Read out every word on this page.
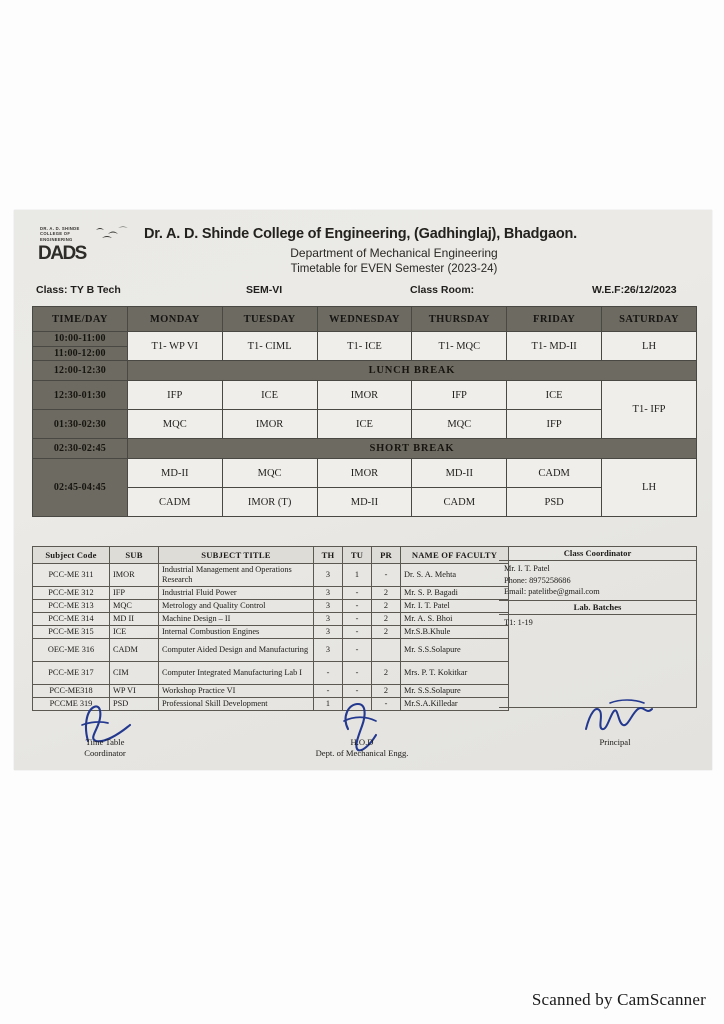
DR. A. D. SHINDE
COLLEGE OF
ENGINEERING
DADS
Dr. A. D. Shinde College of Engineering, (Gadhinglaj), Bhadgaon.
Department of Mechanical Engineering
Timetable for EVEN Semester (2023-24)
Class: TY B Tech	SEM-VI	Class Room:	W.E.F:26/12/2023
TIME/DAY	MONDAY	TUESDAY	WEDNESDAY	THURSDAY	FRIDAY	SATURDAY
10:00-11:00	T1- WP VI	T1- CIML	T1- ICE	T1- MQC	T1- MD-II	LH
11:00-12:00						
12:00-12:30	LUNCH BREAK					
12:30-01:30	IFP	ICE	IMOR	IFP	ICE	T1- IFP
01:30-02:30	MQC	IMOR	ICE	MQC	IFP	
02:30-02:45	SHORT BREAK					
02:45-04:45	MD-II	MQC	IMOR	MD-II	CADM	LH
	CADM	IMOR (T)	MD-II	CADM	PSD	
Subject Code	SUB	SUBJECT TITLE	TH	TU	PR	NAME OF FACULTY
PCC-ME 311	IMOR	Industrial Management and Operations Research	3	1	-	Dr. S. A. Mehta
PCC-ME 312	IFP	Industrial Fluid Power	3	-	2	Mr. S. P. Bagadi
PCC-ME 313	MQC	Metrology and Quality Control	3	-	2	Mr. I. T. Patel
PCC-ME 314	MD II	Machine Design – II	3	-	2	Mr. A. S. Bhoi
PCC-ME 315	ICE	Internal Combustion Engines	3	-	2	Mr.S.B.Khule
OEC-ME 316	CADM	Computer Aided Design and Manufacturing	3	-		Mr. S.S.Solapure
PCC-ME 317	CIM	Computer Integrated Manufacturing Lab I	-	-	2	Mrs. P. T. Kokitkar
PCC-ME318	WP VI	Workshop Practice VI	-	-	2	Mr. S.S.Solapure
PCCME 319	PSD	Professional Skill Development	1	-	-	Mr.S.A.Killedar
Class Coordinator
Mr. I. T. Patel
Phone: 8975258686
Email: patelitbe@gmail.com
Lab. Batches
T1: 1-19
Time Table
Coordinator
H.O.D
Dept. of Mechanical Engg.
Principal
Scanned by CamScanner
